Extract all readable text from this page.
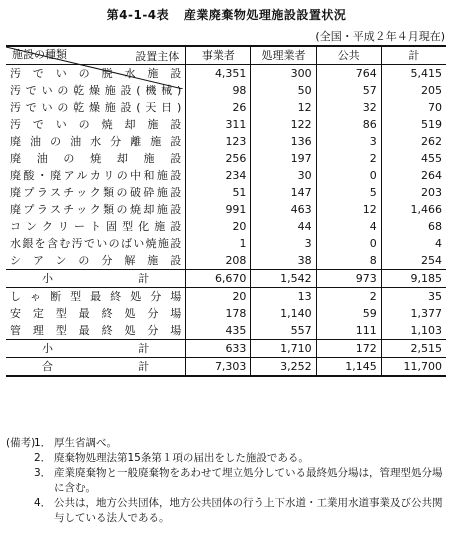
第4-1-4表 産業廃棄物処理施設設置状況
(全国・平成２年４月現在)
設置主体
施設の種類	事業者	処理業者	公共	計

汚でいの脱水施設	4,351	300	764	5,415

汚でいの乾燥施設(機械)	98	50	57	205

汚でいの乾燥施設(天日)	26	12	32	70

汚でいの焼却施設	311	122	86	519

廃油の油水分離施設	123	136	3	262

廃油の焼却施設	256	197	2	455

廃酸・廃アルカリの中和施設	234	30	0	264

廃プラスチック類の破砕施設	51	147	5	203

廃プラスチック類の焼却施設	991	463	12	1,466

コンクリート固型化施設	20	44	4	68

水銀を含む汚でいのばい焼施設	1	3	0	4

シアンの分解施設	208	38	8	254

小 計	6,670	1,542	973	9,185

しゃ断型最終処分場	20	13	2	35

安定型最終処分場	178	1,140	59	1,377

管理型最終処分場	435	557	111	1,103

小 計	633	1,710	172	2,515

合 計	7,303	3,252	1,145	11,700
(備考)
1． 厚生省調べ。
2． 廃棄物処理法第15条第１項の届出をした施設である。
3． 産業廃棄物と一般廃棄物をあわせて埋立処分している最終処分場は，管理型処分場に含む。
4． 公共は，地方公共団体，地方公共団体の行う上下水道・工業用水道事業及び公共関与している法人である。
